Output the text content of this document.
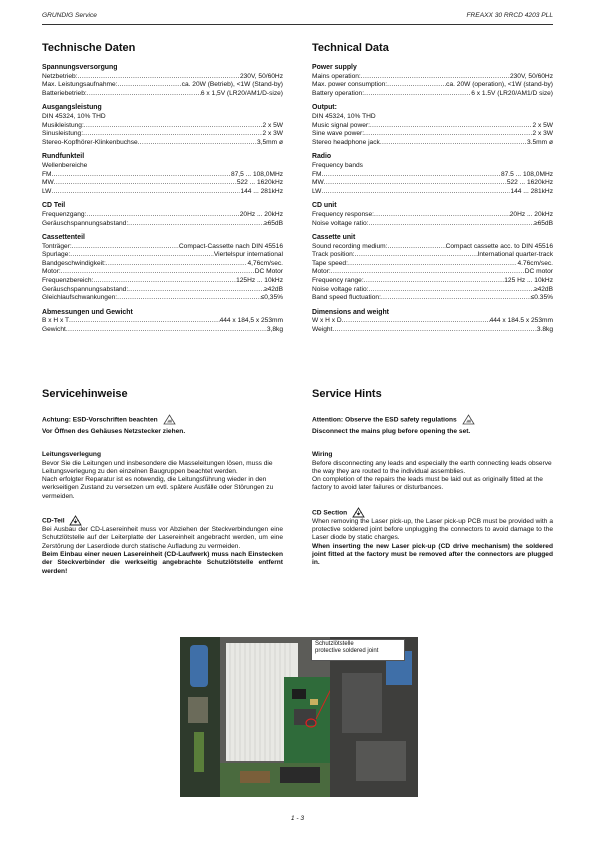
GRUNDIG Service	FREAXX 30 RRCD 4203 PLL
Technische Daten
Spannungsversorgung
Netzbetrieb: .....	230V, 50/60Hz
Max. Leistungsaufnahme: .....	ca. 20W (Betrieb), <1W (Stand-by)
Batteriebetrieb: .....	6 x 1,5V (LR20/AM1/D-size)
Ausgangsleistung
DIN 45324, 10% THD
Musikleistung: .....	2 x 5W
Sinusleistung: .....	2 x 3W
Stereo-Kopfhörer-Klinkenbuchse .....	3,5mm ø
Rundfunkteil
Wellenbereiche
FM .....	87,5 ... 108,0MHz
MW .....	522 ... 1620kHz
LW .....	144 ... 281kHz
CD Teil
Frequenzgang: .....	20Hz ... 20kHz
Geräuschspannungsabstand: .....	≥65dB
Cassettenteil
Tonträger: .....	Compact-Cassette nach DIN 45516
Spurlage: .....	Viertelspur international
Bandgeschwindigkeit: .....	4,76cm/sec.
Motor: .....	DC Motor
Frequenzbereich: .....	125Hz ... 10kHz
Geräuschspannungsabstand: .....	≥42dB
Gleichlaufschwankungen: .....	≤0,35%
Abmessungen und Gewicht
B x H x T .....	444 x 184,5 x 253mm
Gewicht .....	3,8kg
Technical Data
Power supply
Mains operation: .....	230V, 50/60Hz
Max. power consumption: .....	ca. 20W (operation), <1W (stand-by)
Battery operation: .....	6 x 1.5V (LR20/AM1/D size)
Output:
DIN 45324, 10% THD
Music signal power: .....	2 x 5W
Sine wave power: .....	2 x 3W
Stereo headphone jack .....	3.5mm ø
Radio
Frequency bands
FM .....	87.5 ... 108,0MHz
MW .....	522 ... 1620kHz
LW .....	144 ... 281kHz
CD unit
Frequency response: .....	20Hz ... 20kHz
Noise voltage ratio: .....	≥65dB
Cassette unit
Sound recording medium: .....	Compact cassette acc. to DIN 45516
Track position: .....	International quarter-track
Tape speed: .....	4.76cm/sec.
Motor: .....	DC motor
Frequency range: .....	125 Hz ... 10kHz
Noise voltage ratio: .....	≥42dB
Band speed fluctuation: .....	≤0.35%
Dimensions and weight
W x H x D .....	444 x 184.5 x 253mm
Weight .....	3.8kg
Servicehinweise
Achtung: ESD-Vorschriften beachten
Vor Öffnen des Gehäuses Netzstecker ziehen.
Leitungsverlegung
Bevor Sie die Leitungen und insbesondere die Masseleitungen lösen, muss die Leitungsverlegung zu den einzelnen Baugruppen beachtet werden.
Nach erfolgter Reparatur ist es notwendig, die Leitungsführung wieder in den werkseitigen Zustand zu versetzen um evtl. spätere Ausfälle oder Störungen zu vermeiden.
CD-Teil
Bei Ausbau der CD-Lasereinheit muss vor Abziehen der Steckverbindungen eine Schutzlötstelle auf der Leiterplatte der Lasereinheit angebracht werden, um eine Zerstörung der Laserdiode durch statische Aufladung zu vermeiden.
Beim Einbau einer neuen Lasereinheit (CD-Laufwerk) muss nach Einstecken der Steckverbinder die werkseitig angebrachte Schutzlötstelle entfernt werden!
Service Hints
Attention: Observe the ESD safety regulations
Disconnect the mains plug before opening the set.
Wiring
Before disconnecting any leads and especially the earth connecting leads observe the way they are routed to the individual assemblies.
On completion of the repairs the leads must be laid out as originally fitted at the factory to avoid later failures or disturbances.
CD Section
When removing the Laser pick-up, the Laser pick-up PCB must be provided with a protective soldered joint before unplugging the connectors to avoid damage to the Laser diode by static charges.
When inserting the new Laser pick-up (CD drive mechanism) the soldered joint fitted at the factory must be removed after the connectors are plugged in.
Schutzlötstelle
protective soldered joint
1 - 3
